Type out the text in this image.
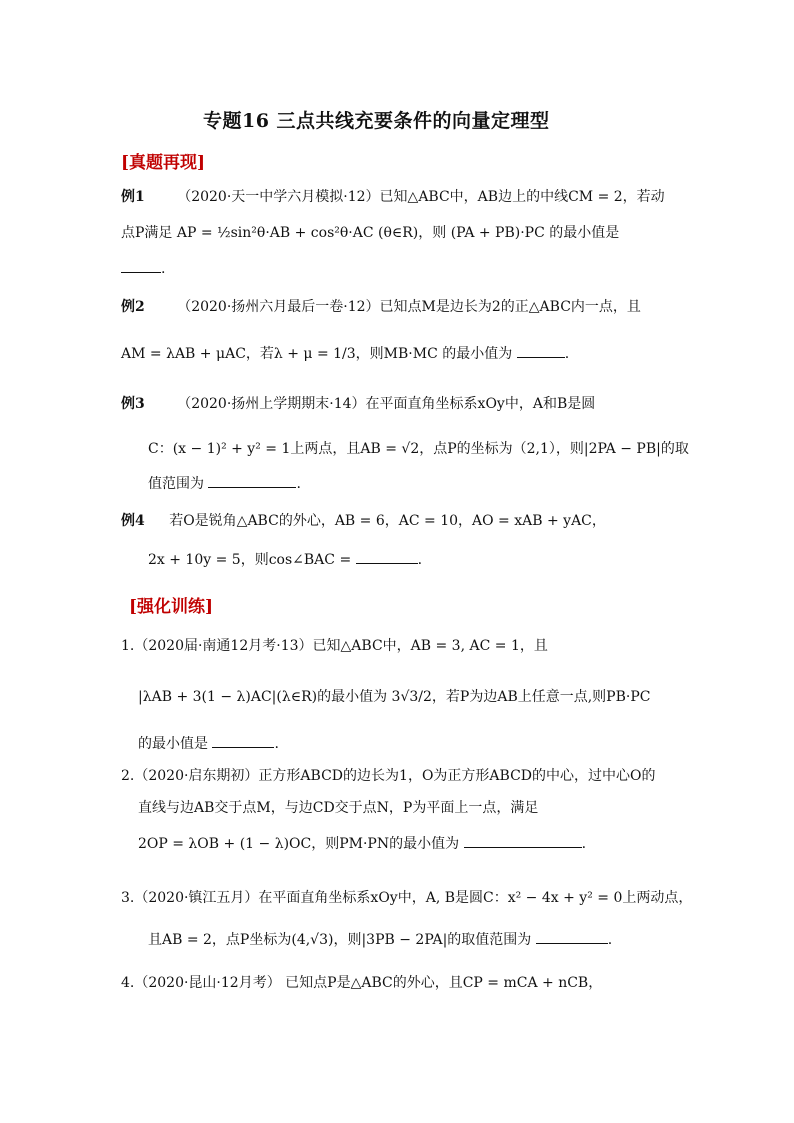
专题16 三点共线充要条件的向量定理型
[真题再现]
例1 （2020·天一中学六月模拟·12）已知△ABC中，AB边上的中线CM = 2，若动
点P满足 AP = ½sin²θ·AB + cos²θ·AC (θ∈R)，则 (PA + PB)·PC 的最小值是
.
例2 （2020·扬州六月最后一卷·12）已知点M是边长为2的正△ABC内一点，且
AM = λAB + μAC，若λ + μ = 1/3，则MB·MC 的最小值为	.
例3 （2020·扬州上学期期末·14）在平面直角坐标系xOy中，A和B是圆
C：(x − 1)² + y² = 1上两点，且AB = √2，点P的坐标为（2,1），则|2PA − PB|的取
值范围为	.
例4 若O是锐角△ABC的外心，AB = 6，AC = 10，AO = xAB + yAC，
2x + 10y = 5，则cos∠BAC =	.
[强化训练]
1.（2020届·南通12月考·13）已知△ABC中，AB = 3, AC = 1，且
|λAB + 3(1 − λ)AC|(λ∈R)的最小值为 3√3/2，若P为边AB上任意一点,则PB·PC
的最小值是	.
2.（2020·启东期初）正方形ABCD的边长为1，O为正方形ABCD的中心，过中心O的
直线与边AB交于点M，与边CD交于点N，P为平面上一点，满足
2OP = λOB + (1 − λ)OC，则PM·PN的最小值为	.
3.（2020·镇江五月）在平面直角坐标系xOy中，A, B是圆C：x² − 4x + y² = 0上两动点，
且AB = 2，点P坐标为(4,√3)，则|3PB − 2PA|的取值范围为	.
4.（2020·昆山·12月考） 已知点P是△ABC的外心，且CP = mCA + nCB，
